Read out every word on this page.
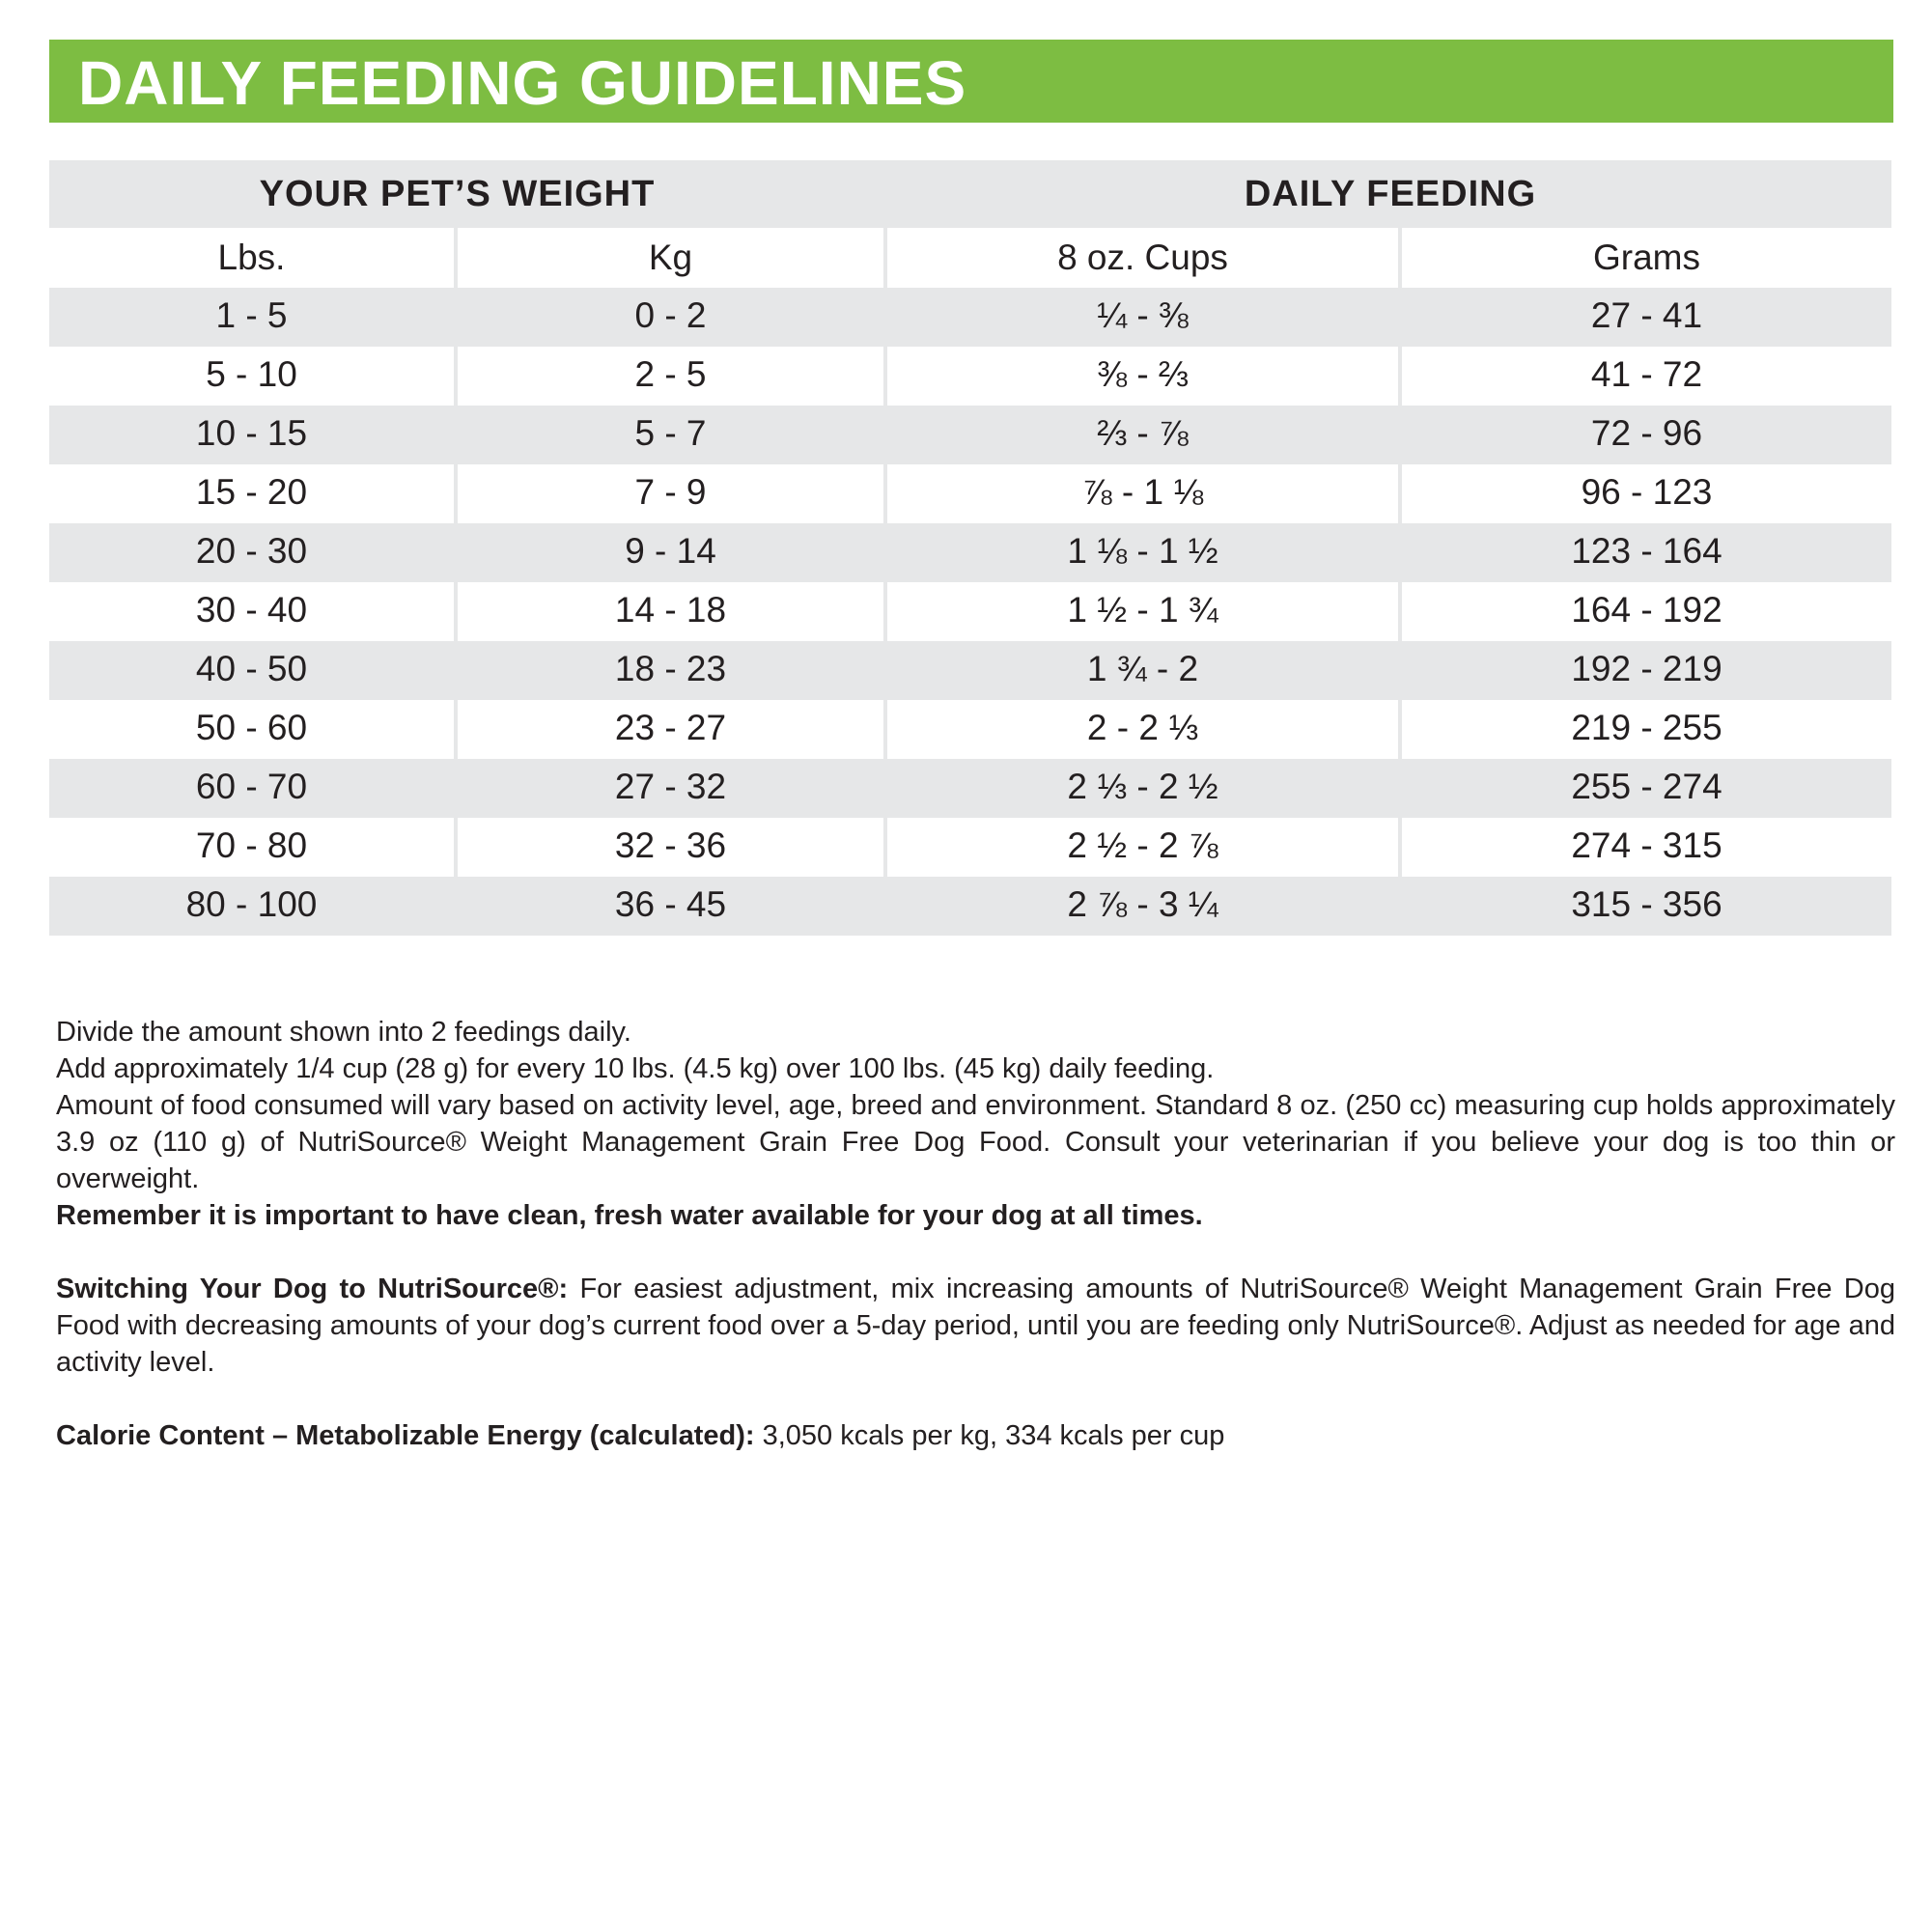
DAILY FEEDING GUIDELINES
YOUR PET’S WEIGHT	DAILY FEEDING
Lbs.	Kg	8 oz. Cups	Grams
1 - 5	0 - 2	¼ - ⅜	27 - 41
5 - 10	2 - 5	⅜ - ⅔	41 - 72
10 - 15	5 - 7	⅔ - ⅞	72 - 96
15 - 20	7 - 9	⅞ - 1 ⅛	96 - 123
20 - 30	9 - 14	1 ⅛ - 1 ½	123 - 164
30 - 40	14 - 18	1 ½ - 1 ¾	164 - 192
40 - 50	18 - 23	1 ¾ - 2	192 - 219
50 - 60	23 - 27	2 - 2 ⅓	219 - 255
60 - 70	27 - 32	2 ⅓ - 2 ½	255 - 274
70 - 80	32 - 36	2 ½ - 2 ⅞	274 - 315
80 - 100	36 - 45	2 ⅞ - 3 ¼	315 - 356

Divide the amount shown into 2 feedings daily.

Add approximately 1/4 cup (28 g) for every 10 lbs. (4.5 kg) over 100 lbs. (45 kg) daily feeding.

Amount of food consumed will vary based on activity level, age, breed and environment. Standard 8 oz. (250 cc) measuring cup holds approximately 3.9 oz (110 g) of NutriSource® Weight Management Grain Free Dog Food. Consult your veterinarian if you believe your dog is too thin or overweight.

Remember it is important to have clean, fresh water available for your dog at all times.

Switching Your Dog to NutriSource®: For easiest adjustment, mix increasing amounts of NutriSource® Weight Management Grain Free Dog Food with decreasing amounts of your dog’s current food over a 5-day period, until you are feeding only NutriSource®. Adjust as needed for age and activity level.

Calorie Content – Metabolizable Energy (calculated): 3,050 kcals per kg, 334 kcals per cup
